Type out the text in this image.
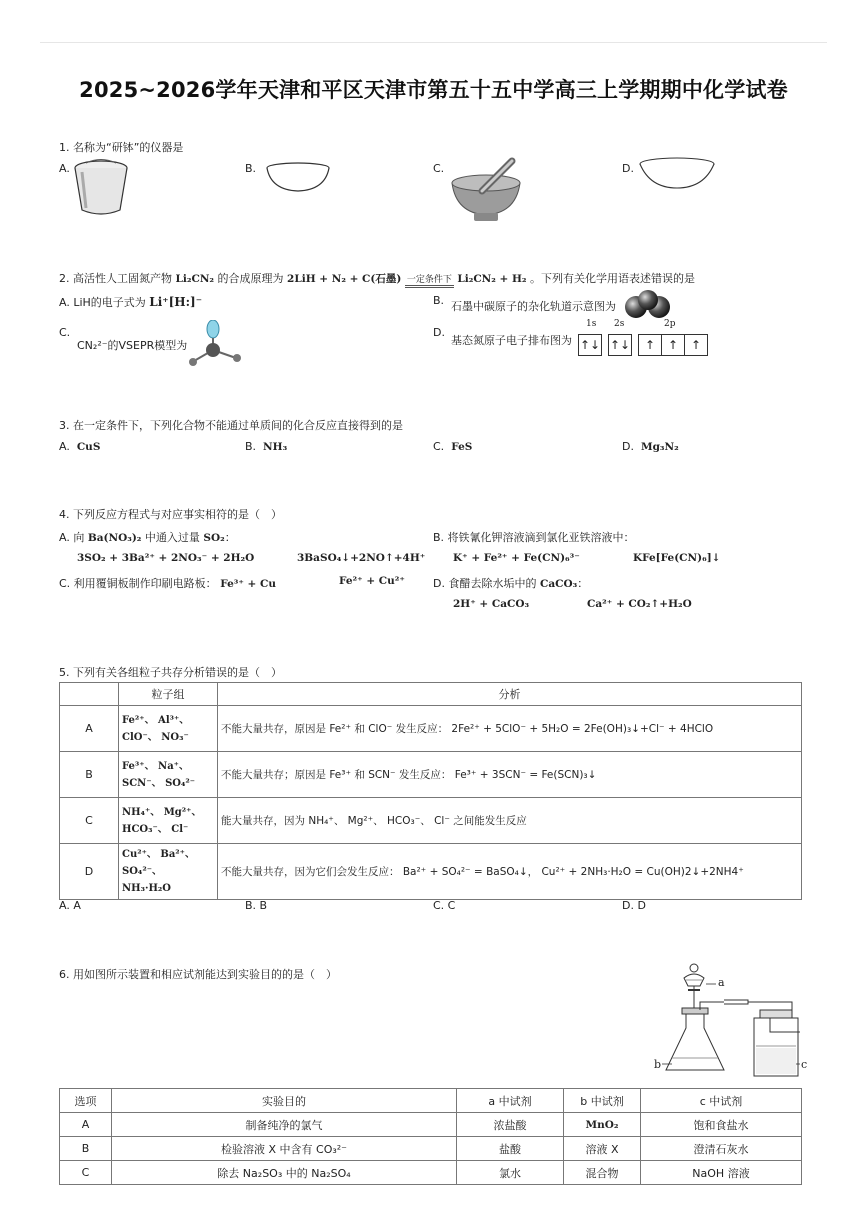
2025~2026学年天津和平区天津市第五十五中学高三上学期期中化学试卷
1. 名称为“研钵”的仪器是
A.	B.	C.	D.
2. 高活性人工固氮产物 Li₂CN₂ 的合成原理为 2LiH + N₂ + C(石墨) 一定条件下 Li₂CN₂ + H₂ 。下列有关化学用语表述错误的是
A. LiH的电子式为 Li⁺[H:]⁻	B. 石墨中碳原子的杂化轨道示意图为
C.
CN₂²⁻的VSEPR模型为
D.
基态氮原子电子排布图为
1s 2s	2p
↑↓ ↑↓	↑	↑	↑
3. 在一定条件下，下列化合物不能通过单质间的化合反应直接得到的是
A. CuS	B. NH₃	C. FeS	D. Mg₃N₂
4. 下列反应方程式与对应事实相符的是（　）
A. 向 Ba(NO₃)₂ 中通入过量 SO₂：
3SO₂ + 3Ba²⁺ + 2NO₃⁻ + 2H₂O	3BaSO₄↓+2NO↑+4H⁺
B. 将铁氰化钾溶液滴到氯化亚铁溶液中：
K⁺ + Fe²⁺ + Fe(CN)₆³⁻	KFe[Fe(CN)₆]↓
C. 利用覆铜板制作印刷电路板： Fe³⁺ + Cu	Fe²⁺ + Cu²⁺	D. 食醋去除水垢中的 CaCO₃：
2H⁺ + CaCO₃	Ca²⁺ + CO₂↑+H₂O
5. 下列有关各组粒子共存分析错误的是（　）
	粒子组	分析
A	Fe²⁺、 Al³⁺、
ClO⁻、 NO₃⁻	不能大量共存，原因是 Fe²⁺ 和 ClO⁻ 发生反应： 2Fe²⁺ + 5ClO⁻ + 5H₂O = 2Fe(OH)₃↓+Cl⁻ + 4HClO
B	Fe³⁺、 Na⁺、
SCN⁻、 SO₄²⁻	不能大量共存；原因是 Fe³⁺ 和 SCN⁻ 发生反应： Fe³⁺ + 3SCN⁻ = Fe(SCN)₃↓
C	NH₄⁺、 Mg²⁺、
HCO₃⁻、 Cl⁻	能大量共存，因为 NH₄⁺、 Mg²⁺、 HCO₃⁻、 Cl⁻ 之间能发生反应
D	Cu²⁺、 Ba²⁺、
SO₄²⁻、 NH₃·H₂O	不能大量共存，因为它们会发生反应： Ba²⁺ + SO₄²⁻ = BaSO₄↓， Cu²⁺ + 2NH₃·H₂O = Cu(OH)2↓+2NH4⁺
A. A	B. B	C. C	D. D
6. 用如图所示装置和相应试剂能达到实验目的的是（　）
a
b	c
选项	实验目的	a 中试剂	b 中试剂	c 中试剂
A	制备纯净的氯气	浓盐酸	MnO₂	饱和食盐水
B	检验溶液 X 中含有 CO₃²⁻	盐酸	溶液 X	澄清石灰水
C	除去 Na₂SO₃ 中的 Na₂SO₄	氯水	混合物	NaOH 溶液
